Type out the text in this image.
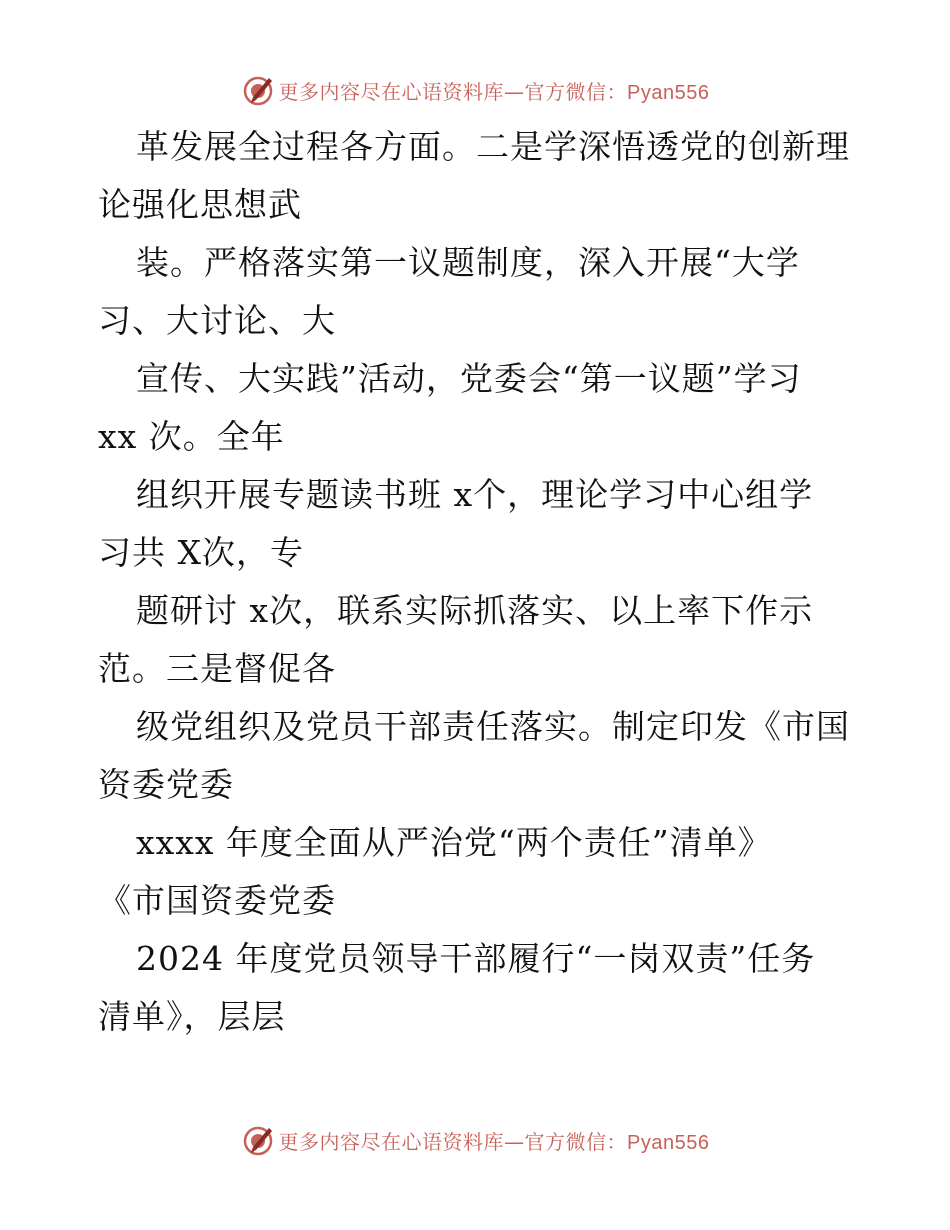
更多内容尽在心语资料库—官方微信：Pyan556
革发展全过程各方面。二是学深悟透党的创新理
论强化思想武
装。严格落实第一议题制度，深入开展“大学
习、大讨论、大
宣传、大实践”活动，党委会“第一议题”学习
xx 次。全年
组织开展专题读书班 x个，理论学习中心组学
习共 X次，专
题研讨 x次，联系实际抓落实、以上率下作示
范。三是督促各
级党组织及党员干部责任落实。制定印发《市国
资委党委
xxxx 年度全面从严治党“两个责任”清单》
《市国资委党委
2024 年度党员领导干部履行“一岗双责”任务
清单》，层层
更多内容尽在心语资料库—官方微信：Pyan556
